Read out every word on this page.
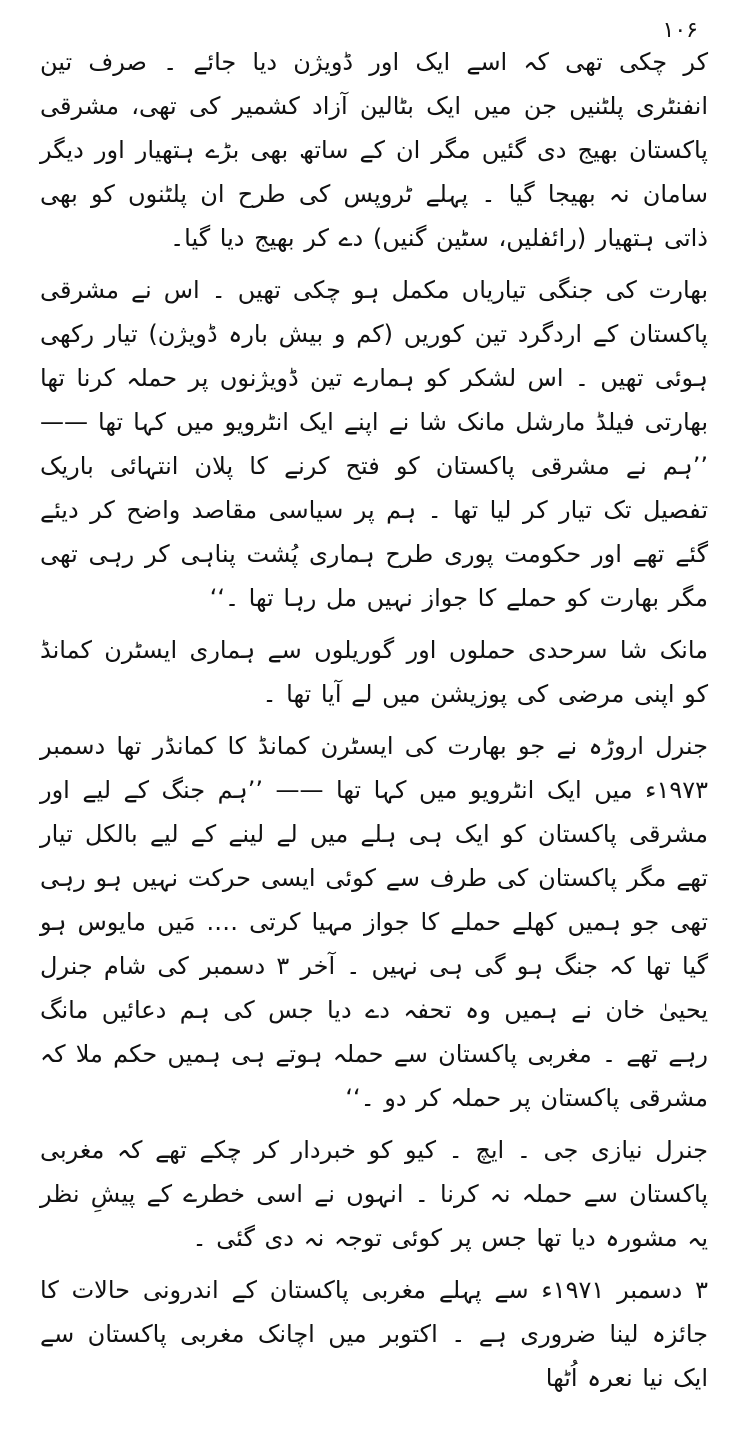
۱۰۶

کر چکی تھی کہ اسے ایک اور ڈویژن دیا جائے ۔ صرف تین انفنٹری پلٹنیں جن میں ایک بٹالین آزاد کشمیر کی تھی، مشرقی پاکستان بھیج دی گئیں مگر ان کے ساتھ بھی بڑے ہتھیار اور دیگر سامان نہ بھیجا گیا ۔ پہلے ٹروپس کی طرح ان پلٹنوں کو بھی ذاتی ہتھیار (رائفلیں، سٹین گنیں) دے کر بھیج دیا گیا۔

بھارت کی جنگی تیاریاں مکمل ہو چکی تھیں ۔ اس نے مشرقی پاکستان کے اردگرد تین کوریں (کم و بیش بارہ ڈویژن) تیار رکھی ہوئی تھیں ۔ اس لشکر کو ہمارے تین ڈویژنوں پر حملہ کرنا تھا بھارتی فیلڈ مارشل مانک شا نے اپنے ایک انٹرویو میں کہا تھا —— ’’ہم نے مشرقی پاکستان کو فتح کرنے کا پلان انتہائی باریک تفصیل تک تیار کر لیا تھا ۔ ہم پر سیاسی مقاصد واضح کر دیئے گئے تھے اور حکومت پوری طرح ہماری پُشت پناہی کر رہی تھی مگر بھارت کو حملے کا جواز نہیں مل رہا تھا ۔‘‘

مانک شا سرحدی حملوں اور گوریلوں سے ہماری ایسٹرن کمانڈ کو اپنی مرضی کی پوزیشن میں لے آیا تھا ۔

جنرل اروڑہ نے جو بھارت کی ایسٹرن کمانڈ کا کمانڈر تھا دسمبر ۱۹۷۳ء میں ایک انٹرویو میں کہا تھا —— ’’ہم جنگ کے لیے اور مشرقی پاکستان کو ایک ہی ہلے میں لے لینے کے لیے بالکل تیار تھے مگر پاکستان کی طرف سے کوئی ایسی حرکت نہیں ہو رہی تھی جو ہمیں کھلے حملے کا جواز مہیا کرتی …. مَیں مایوس ہو گیا تھا کہ جنگ ہو گی ہی نہیں ۔ آخر ۳ دسمبر کی شام جنرل یحییٰ خان نے ہمیں وہ تحفہ دے دیا جس کی ہم دعائیں مانگ رہے تھے ۔ مغربی پاکستان سے حملہ ہوتے ہی ہمیں حکم ملا کہ مشرقی پاکستان پر حملہ کر دو ۔‘‘

جنرل نیازی جی ۔ ایچ ۔ کیو کو خبردار کر چکے تھے کہ مغربی پاکستان سے حملہ نہ کرنا ۔ انہوں نے اسی خطرے کے پیشِ نظر یہ مشورہ دیا تھا جس پر کوئی توجہ نہ دی گئی ۔

۳ دسمبر ۱۹۷۱ء سے پہلے مغربی پاکستان کے اندرونی حالات کا جائزہ لینا ضروری ہے ۔ اکتوبر میں اچانک مغربی پاکستان سے ایک نیا نعرہ اُٹھا
